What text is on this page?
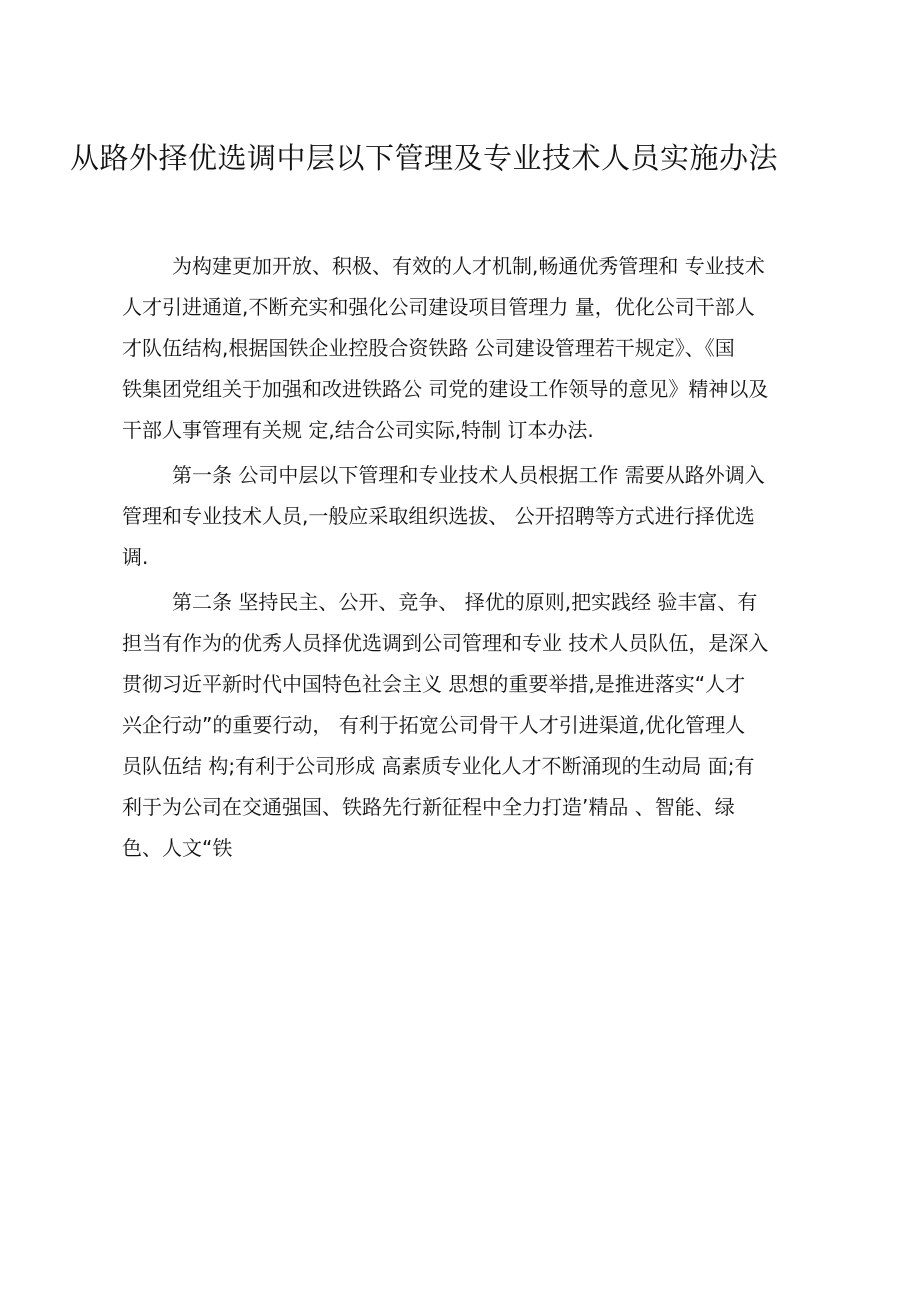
从路外择优选调中层以下管理及专业技术人员实施办法
为构建更加开放、积极、有效的人才机制,畅通优秀管理和 专业技术
人才引进通道,不断充实和强化公司建设项目管理力 量，优化公司干部人
才队伍结构,根据国铁企业控股合资铁路 公司建设管理若干规定》、《国
铁集团党组关于加强和改进铁路公 司党的建设工作领导的意见》精神以及
干部人事管理有关规 定,结合公司实际,特制 订本办法.
第一条 公司中层以下管理和专业技术人员根据工作 需要从路外调入
管理和专业技术人员,一般应采取组织选拔、 公开招聘等方式进行择优选
调.
第二条 坚持民主、公开、竞争、 择优的原则,把实践经 验丰富、有
担当有作为的优秀人员择优选调到公司管理和专业 技术人员队伍，是深入
贯彻习近平新时代中国特色社会主义 思想的重要举措,是推进落实“人才
兴企行动”的重要行动， 有利于拓宽公司骨干人才引进渠道,优化管理人
员队伍结 构;有利于公司形成 高素质专业化人才不断涌现的生动局 面;有
利于为公司在交通强国、铁路先行新征程中全力打造’精品 、智能、绿
色、人文“铁
